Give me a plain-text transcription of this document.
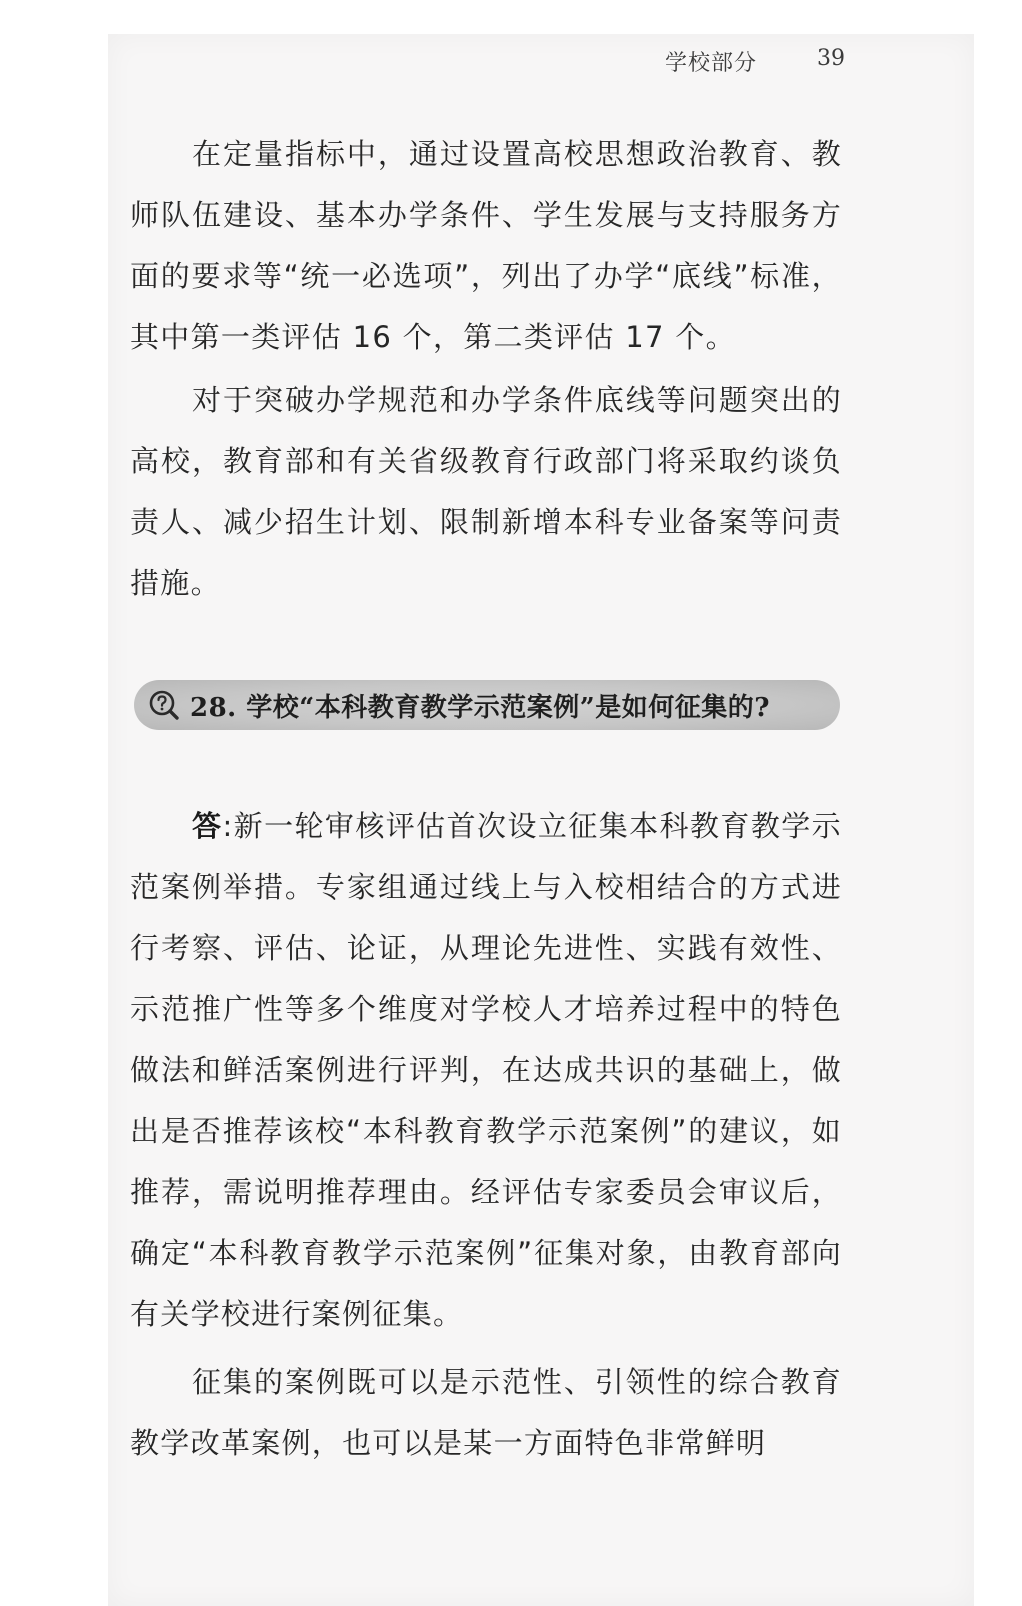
学校部分	39

在定量指标中，通过设置高校思想政治教育、教师队伍建设、基本办学条件、学生发展与支持服务方面的要求等“统一必选项”，列出了办学“底线”标准，其中第一类评估 16 个，第二类评估 17 个。

对于突破办学规范和办学条件底线等问题突出的高校，教育部和有关省级教育行政部门将采取约谈负责人、减少招生计划、限制新增本科专业备案等问责措施。

28. 学校“本科教育教学示范案例”是如何征集的?

答:新一轮审核评估首次设立征集本科教育教学示范案例举措。专家组通过线上与入校相结合的方式进行考察、评估、论证，从理论先进性、实践有效性、示范推广性等多个维度对学校人才培养过程中的特色做法和鲜活案例进行评判，在达成共识的基础上，做出是否推荐该校“本科教育教学示范案例”的建议，如推荐，需说明推荐理由。经评估专家委员会审议后，确定“本科教育教学示范案例”征集对象，由教育部向有关学校进行案例征集。

征集的案例既可以是示范性、引领性的综合教育教学改革案例，也可以是某一方面特色非常鲜明
